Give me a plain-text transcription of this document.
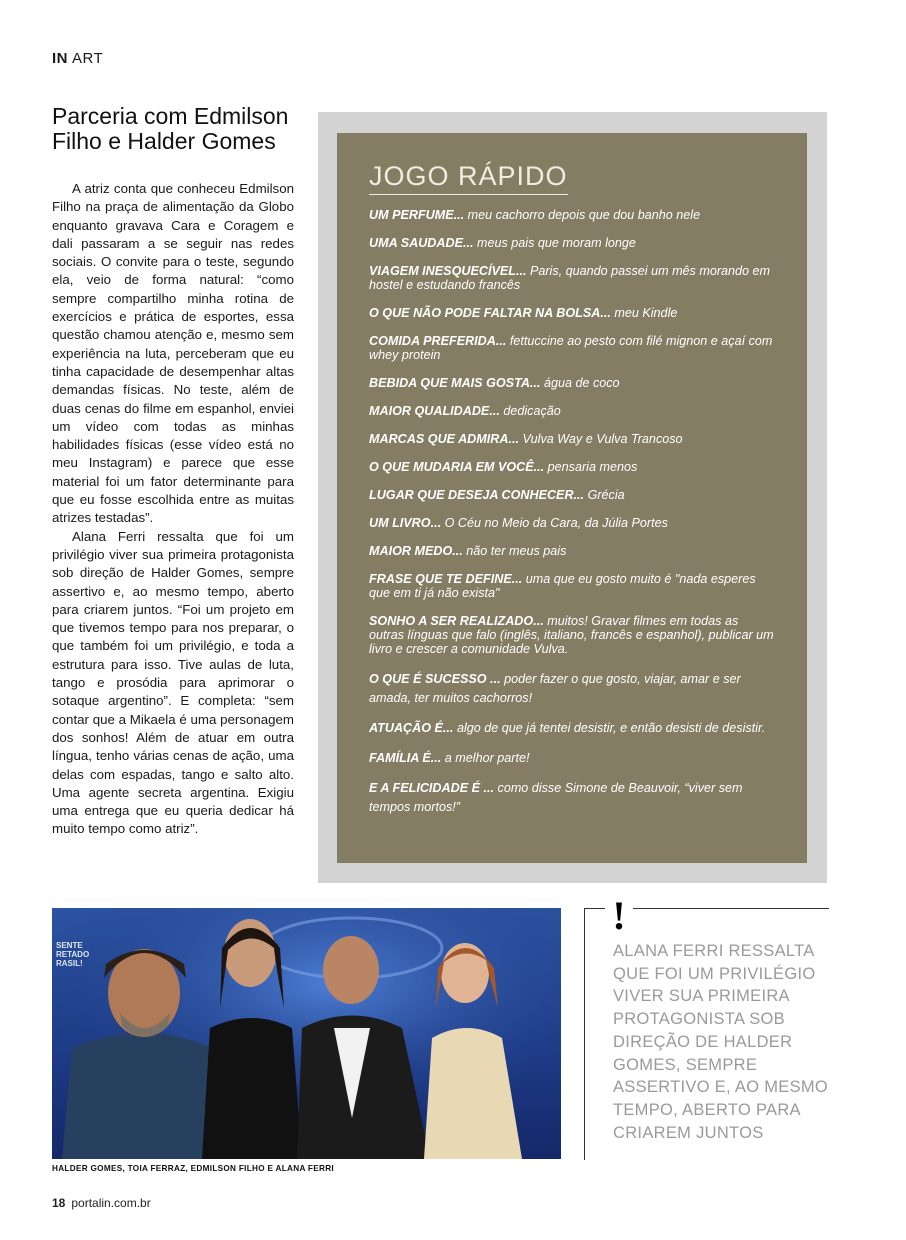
IN ART
Parceria com Edmilson Filho e Halder Gomes

A atriz conta que conheceu Edmilson Filho na praça de alimentação da Globo enquanto gravava Cara e Coragem e dali passaram a se seguir nas redes sociais. O convite para o teste, segundo ela, veio de forma natural: “como sempre compartilho minha rotina de exercícios e prática de esportes, essa questão chamou atenção e, mesmo sem experiência na luta, perceberam que eu tinha capacidade de desempenhar altas demandas físicas. No teste, além de duas cenas do filme em espanhol, enviei um vídeo com todas as minhas habilidades físicas (esse vídeo está no meu Instagram) e parece que esse material foi um fator determinante para que eu fosse escolhida entre as muitas atrizes testadas”.

Alana Ferri ressalta que foi um privilégio viver sua primeira protagonista sob direção de Halder Gomes, sempre assertivo e, ao mesmo tempo, aberto para criarem juntos. “Foi um projeto em que tivemos tempo para nos preparar, o que também foi um privilégio, e toda a estrutura para isso. Tive aulas de luta, tango e prosódia para aprimorar o sotaque argentino”. E completa: “sem contar que a Mikaela é uma personagem dos sonhos! Além de atuar em outra língua, tenho várias cenas de ação, uma delas com espadas, tango e salto alto. Uma agente secreta argentina. Exigiu uma entrega que eu queria dedicar há muito tempo como atriz”.

JOGO RÁPIDO
UM PERFUME... meu cachorro depois que dou banho nele
UMA SAUDADE... meus pais que moram longe
VIAGEM INESQUECÍVEL... Paris, quando passei um mês morando em hostel e estudando francês
O QUE NÃO PODE FALTAR NA BOLSA... meu Kindle
COMIDA PREFERIDA... fettuccine ao pesto com filé mignon e açaí com whey protein
BEBIDA QUE MAIS GOSTA... água de coco
MAIOR QUALIDADE... dedicação
MARCAS QUE ADMIRA... Vulva Way e Vulva Trancoso
O QUE MUDARIA EM VOCÊ... pensaria menos
LUGAR QUE DESEJA CONHECER... Grécia
UM LIVRO... O Céu no Meio da Cara, da Júlia Portes
MAIOR MEDO... não ter meus pais
FRASE QUE TE DEFINE... uma que eu gosto muito é "nada esperes que em ti já não exista"
SONHO A SER REALIZADO... muitos! Gravar filmes em todas as outras línguas que falo (inglês, italiano, francês e espanhol), publicar um livro e crescer a comunidade Vulva.
O QUE É SUCESSO ... poder fazer o que gosto, viajar, amar e ser amada, ter muitos cachorros!
ATUAÇÃO É... algo de que já tentei desistir, e então desisti de desistir.
FAMÍLIA É... a melhor parte!
E A FELICIDADE É ... como disse Simone de Beauvoir, “viver sem tempos mortos!”
SENTE RETADO RASIL!
HALDER GOMES, TOIA FERRAZ, EDMILSON FILHO E ALANA FERRI
!
ALANA FERRI RESSALTA QUE FOI UM PRIVILÉGIO VIVER SUA PRIMEIRA PROTAGONISTA SOB DIREÇÃO DE HALDER GOMES, SEMPRE ASSERTIVO E, AO MESMO TEMPO, ABERTO PARA CRIAREM JUNTOS
18 portalin.com.br
